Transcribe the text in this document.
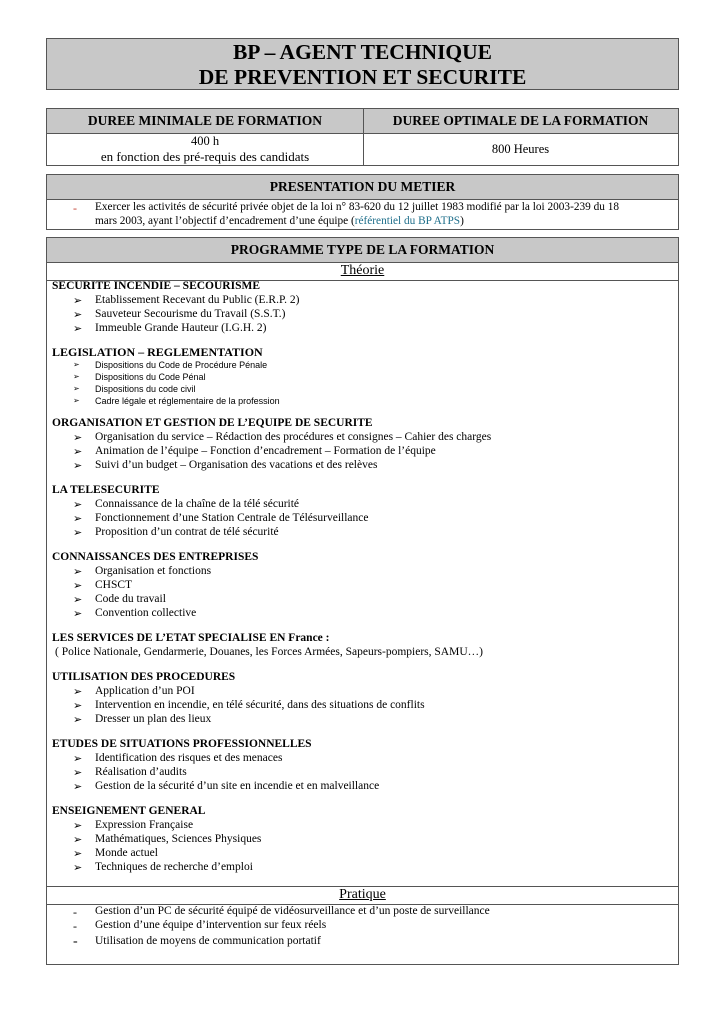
BP – AGENT TECHNIQUE
DE PREVENTION ET SECURITE
DUREE MINIMALE DE FORMATION	DUREE OPTIMALE DE LA FORMATION
400 h
en fonction des pré-requis des candidats	800 Heures
PRESENTATION DU METIER
- Exercer les activités de sécurité privée objet de la loi n° 83-620 du 12 juillet 1983 modifié par la loi 2003-239 du 18
mars 2003, ayant l’objectif d’encadrement d’une équipe (référentiel du BP ATPS)
PROGRAMME TYPE DE LA FORMATION
Théorie
SECURITE INCENDIE – SECOURISME
➢ Etablissement Recevant du Public (E.R.P. 2)
➢ Sauveteur Secourisme du Travail (S.S.T.)
➢ Immeuble Grande Hauteur (I.G.H. 2)
LEGISLATION – REGLEMENTATION
➢ Dispositions du Code de Procédure Pénale
➢ Dispositions du Code Pénal
➢ Dispositions du code civil
➢ Cadre légale et réglementaire de la profession
ORGANISATION ET GESTION DE L’EQUIPE DE SECURITE
➢ Organisation du service – Rédaction des procédures et consignes – Cahier des charges
➢ Animation de l’équipe – Fonction d’encadrement – Formation de l’équipe
➢ Suivi d’un budget – Organisation des vacations et des relèves
LA TELESECURITE
➢ Connaissance de la chaîne de la télé sécurité
➢ Fonctionnement d’une Station Centrale de Télésurveillance
➢ Proposition d’un contrat de télé sécurité
CONNAISSANCES DES ENTREPRISES
➢ Organisation et fonctions
➢ CHSCT
➢ Code du travail
➢ Convention collective
LES SERVICES DE L’ETAT SPECIALISE EN France :
( Police Nationale, Gendarmerie, Douanes, les Forces Armées, Sapeurs-pompiers, SAMU…)
UTILISATION DES PROCEDURES
➢ Application d’un POI
➢ Intervention en incendie, en télé sécurité, dans des situations de conflits
➢ Dresser un plan des lieux
ETUDES DE SITUATIONS PROFESSIONNELLES
➢ Identification des risques et des menaces
➢ Réalisation d’audits
➢ Gestion de la sécurité d’un site en incendie et en malveillance
ENSEIGNEMENT GENERAL
➢ Expression Française
➢ Mathématiques, Sciences Physiques
➢ Monde actuel
➢ Techniques de recherche d’emploi
Pratique
- Gestion d’un PC de sécurité équipé de vidéosurveillance et d’un poste de surveillance
- Gestion d’une équipe d’intervention sur feux réels
- Utilisation de moyens de communication portatif
